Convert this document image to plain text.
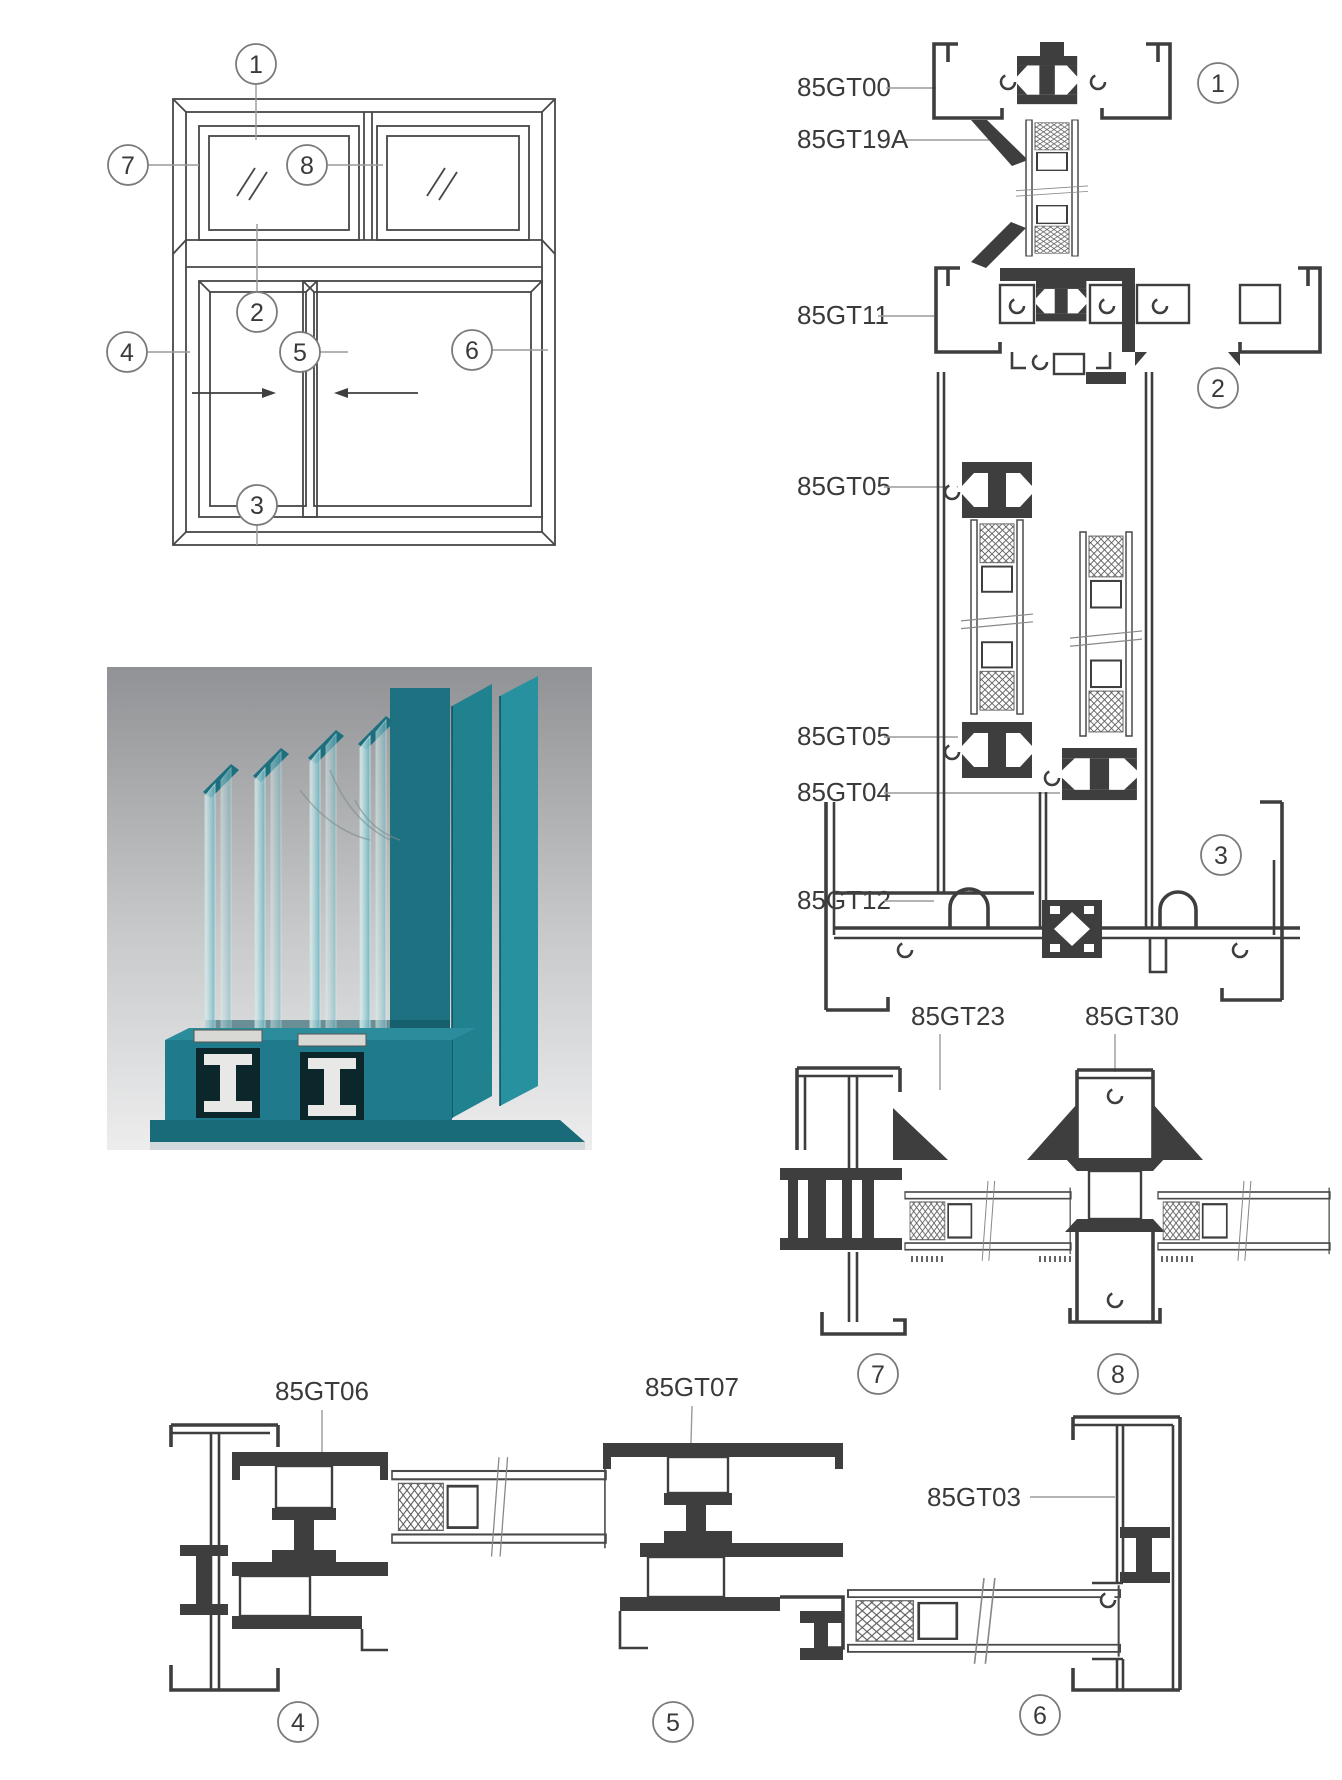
1
7	8
2
4	5	6
3
85GT00
85GT19A
85GT11
85GT05
85GT05
85GT04
85GT12
1
2
3
85GT23	85GT30
7	8
85GT06	85GT07
85GT03
4	5	6
